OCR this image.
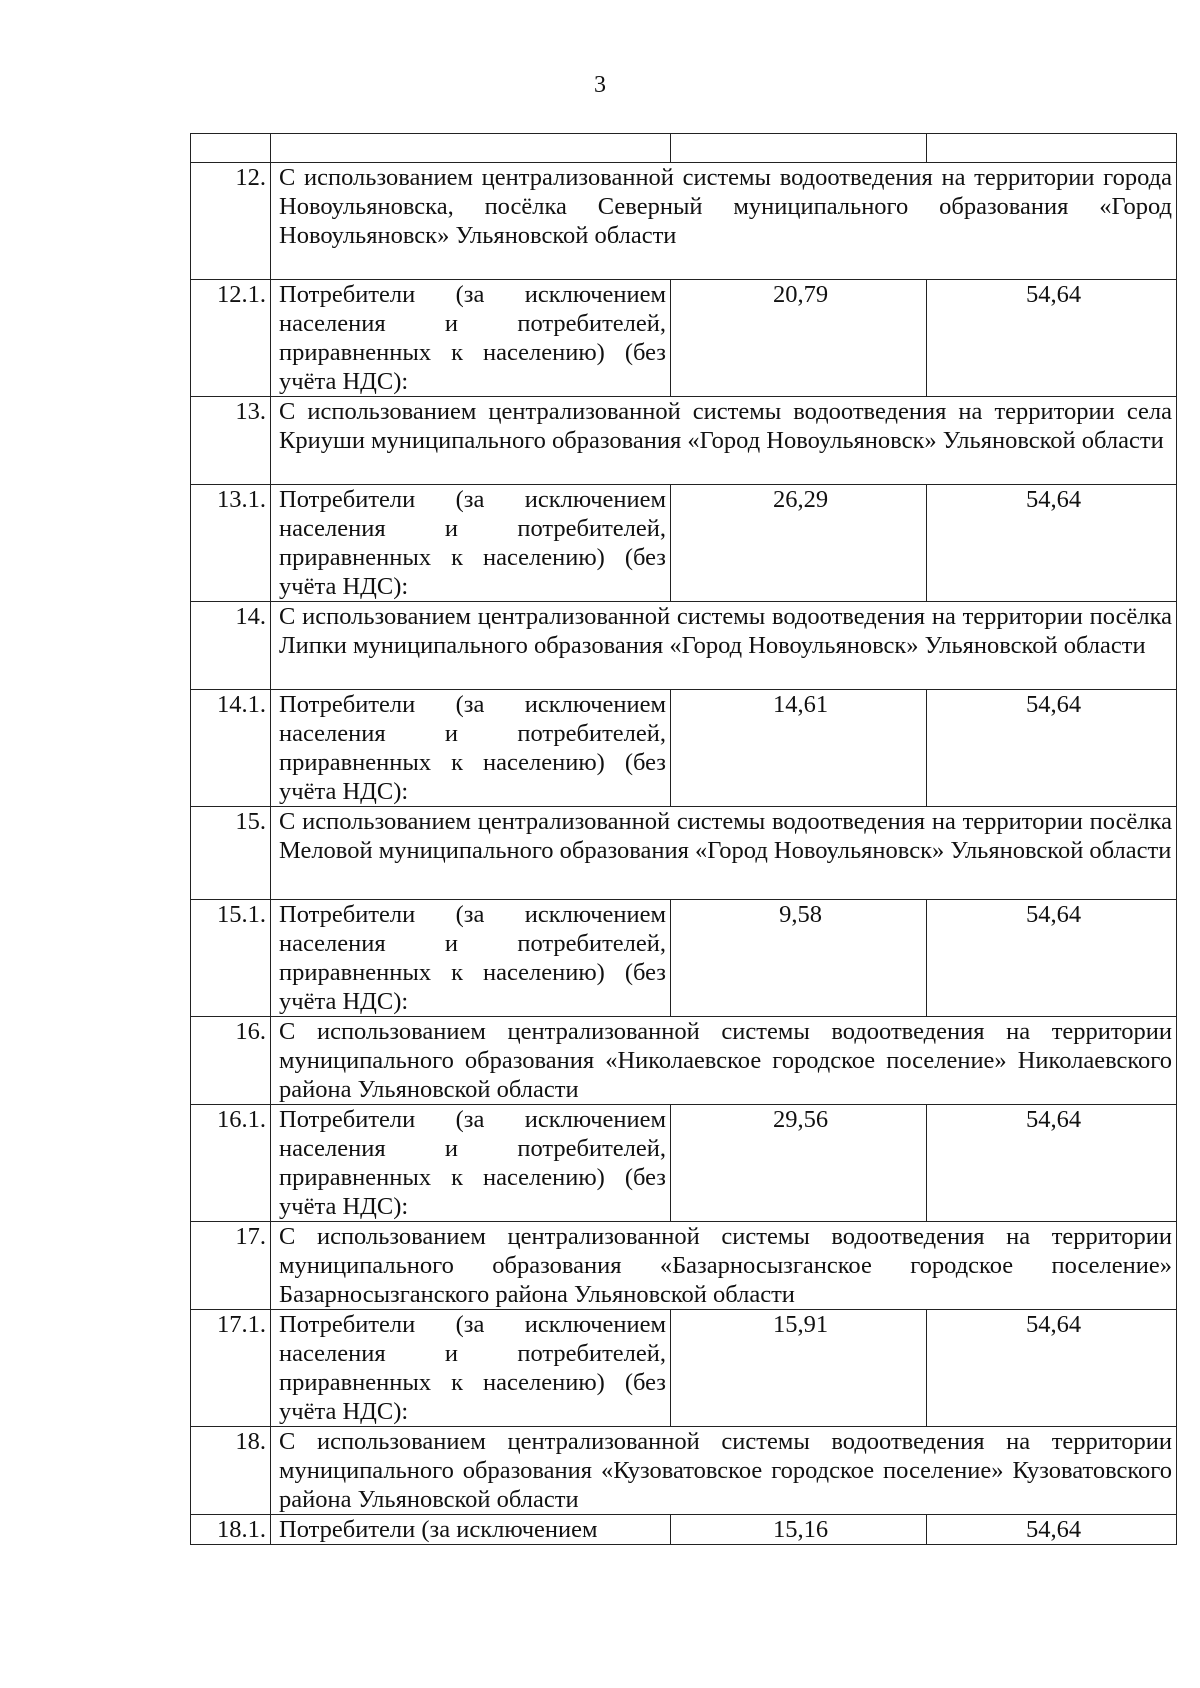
3

12.	С использованием централизованной системы водоотведения на территории города Новоульяновска, посёлка Северный муниципального образования «Город Новоульяновск» Ульяновской области		
12.1.	Потребители (за исключением населения и потребителей, приравненных к населению) (без учёта НДС):	20,79	54,64
13.	С использованием централизованной системы водоотведения на территории села Криуши муниципального образования «Город Новоульяновск» Ульяновской области		
13.1.	Потребители (за исключением населения и потребителей, приравненных к населению) (без учёта НДС):	26,29	54,64
14.	С использованием централизованной системы водоотведения на территории посёлка Липки муниципального образования «Город Новоульяновск» Ульяновской области		
14.1.	Потребители (за исключением населения и потребителей, приравненных к населению) (без учёта НДС):	14,61	54,64
15.	С использованием централизованной системы водоотведения на территории посёлка Меловой муниципального образования «Город Новоульяновск» Ульяновской области		
15.1.	Потребители (за исключением населения и потребителей, приравненных к населению) (без учёта НДС):	9,58	54,64
16.	С использованием централизованной системы водоотведения на территории муниципального образования «Николаевское городское поселение» Николаевского района Ульяновской области		
16.1.	Потребители (за исключением населения и потребителей, приравненных к населению) (без учёта НДС):	29,56	54,64
17.	С использованием централизованной системы водоотведения на территории муниципального образования «Базарносызганское городское поселение» Базарносызганского района Ульяновской области		
17.1.	Потребители (за исключением населения и потребителей, приравненных к населению) (без учёта НДС):	15,91	54,64
18.	С использованием централизованной системы водоотведения на территории муниципального образования «Кузоватовское городское поселение» Кузоватовского района Ульяновской области		
18.1.	Потребители (за исключением	15,16	54,64
